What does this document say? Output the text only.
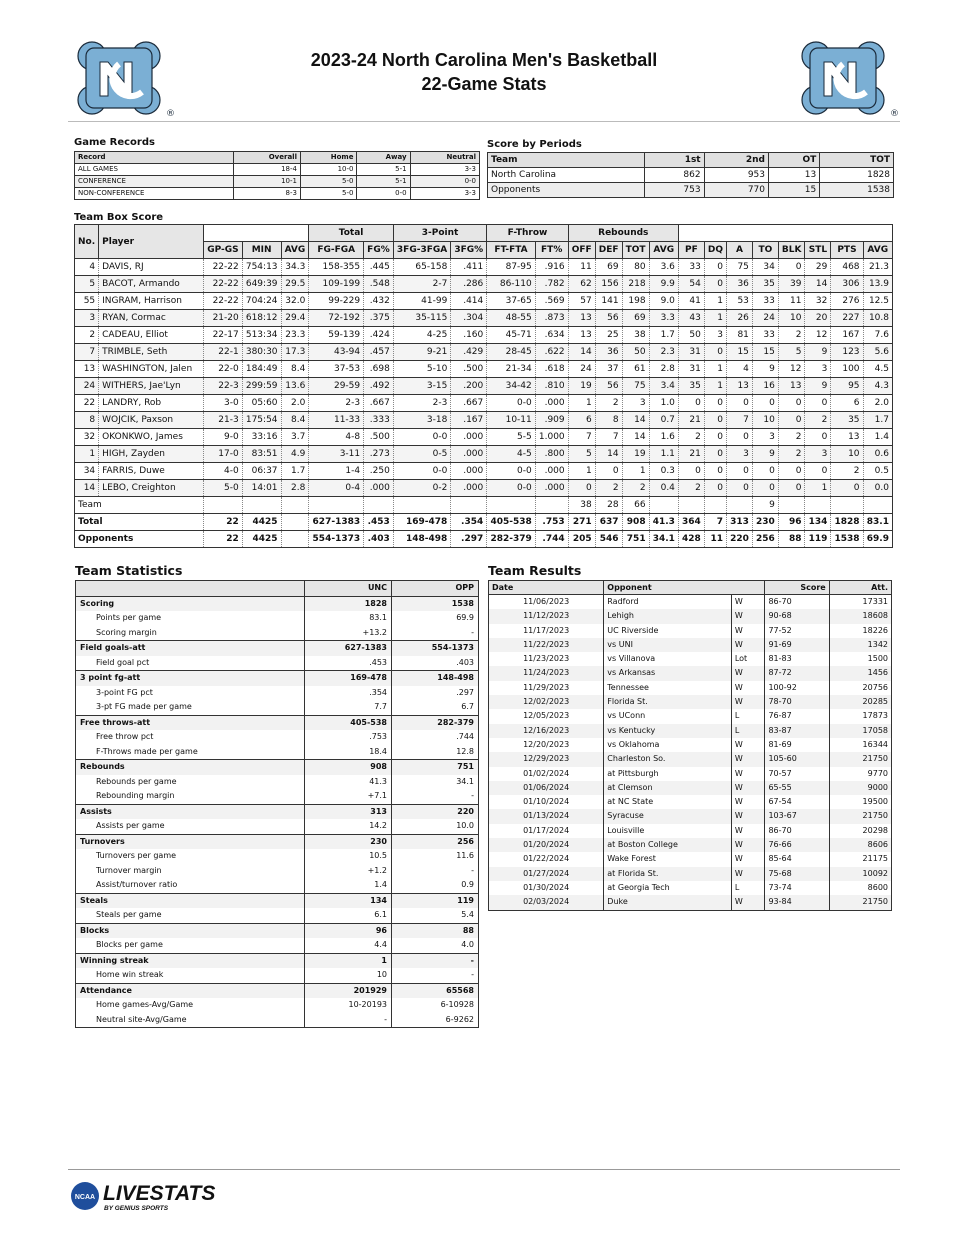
®
2023-24 North Carolina Men's Basketball
22-Game Stats
®
Game Records
Record	Overall	Home	Away	Neutral
ALL GAMES	18-4	10-0	5-1	3-3
CONFERENCE	10-1	5-0	5-1	0-0
NON-CONFERENCE	8-3	5-0	0-0	3-3
Score by Periods
Team	1st	2nd	OT	TOT
North Carolina	862	953	13	1828
Opponents	753	770	15	1538
Team Box Score
No.	Player				Total		3-Point		F-Throw		Rebounds											
		GP-GS	MIN	AVG	FG-FGA	FG%	3FG-3FGA	3FG%	FT-FTA	FT%	OFF	DEF	TOT	AVG	PF	DQ	A	TO	BLK	STL	PTS	AVG
4	DAVIS, RJ	22-22	754:13	34.3	158-355	.445	65-158	.411	87-95	.916	11	69	80	3.6	33	0	75	34	0	29	468	21.3
5	BACOT, Armando	22-22	649:39	29.5	109-199	.548	2-7	.286	86-110	.782	62	156	218	9.9	54	0	36	35	39	14	306	13.9
55	INGRAM, Harrison	22-22	704:24	32.0	99-229	.432	41-99	.414	37-65	.569	57	141	198	9.0	41	1	53	33	11	32	276	12.5
3	RYAN, Cormac	21-20	618:12	29.4	72-192	.375	35-115	.304	48-55	.873	13	56	69	3.3	43	1	26	24	10	20	227	10.8
2	CADEAU, Elliot	22-17	513:34	23.3	59-139	.424	4-25	.160	45-71	.634	13	25	38	1.7	50	3	81	33	2	12	167	7.6
7	TRIMBLE, Seth	22-1	380:30	17.3	43-94	.457	9-21	.429	28-45	.622	14	36	50	2.3	31	0	15	15	5	9	123	5.6
13	WASHINGTON, Jalen	22-0	184:49	8.4	37-53	.698	5-10	.500	21-34	.618	24	37	61	2.8	31	1	4	9	12	3	100	4.5
24	WITHERS, Jae'Lyn	22-3	299:59	13.6	29-59	.492	3-15	.200	34-42	.810	19	56	75	3.4	35	1	13	16	13	9	95	4.3
22	LANDRY, Rob	3-0	05:60	2.0	2-3	.667	2-3	.667	0-0	.000	1	2	3	1.0	0	0	0	0	0	0	6	2.0
8	WOJCIK, Paxson	21-3	175:54	8.4	11-33	.333	3-18	.167	10-11	.909	6	8	14	0.7	21	0	7	10	0	2	35	1.7
32	OKONKWO, James	9-0	33:16	3.7	4-8	.500	0-0	.000	5-5	1.000	7	7	14	1.6	2	0	0	3	2	0	13	1.4
1	HIGH, Zayden	17-0	83:51	4.9	3-11	.273	0-5	.000	4-5	.800	5	14	19	1.1	21	0	3	9	2	3	10	0.6
34	FARRIS, Duwe	4-0	06:37	1.7	1-4	.250	0-0	.000	0-0	.000	1	0	1	0.3	0	0	0	0	0	0	2	0.5
14	LEBO, Creighton	5-0	14:01	2.8	0-4	.000	0-2	.000	0-0	.000	0	2	2	0.4	2	0	0	0	0	1	0	0.0
Team											38	28	66					9				
Total		22	4425		627-1383	.453	169-478	.354	405-538	.753	271	637	908	41.3	364	7	313	230	96	134	1828	83.1
Opponents		22	4425		554-1373	.403	148-498	.297	282-379	.744	205	546	751	34.1	428	11	220	256	88	119	1538	69.9
Team Statistics
	UNC	OPP
Scoring	1828	1538
Points per game	83.1	69.9
Scoring margin	+13.2	-
Field goals-att	627-1383	554-1373
Field goal pct	.453	.403
3 point fg-att	169-478	148-498
3-point FG pct	.354	.297
3-pt FG made per game	7.7	6.7
Free throws-att	405-538	282-379
Free throw pct	.753	.744
F-Throws made per game	18.4	12.8
Rebounds	908	751
Rebounds per game	41.3	34.1
Rebounding margin	+7.1	-
Assists	313	220
Assists per game	14.2	10.0
Turnovers	230	256
Turnovers per game	10.5	11.6
Turnover margin	+1.2	-
Assist/turnover ratio	1.4	0.9
Steals	134	119
Steals per game	6.1	5.4
Blocks	96	88
Blocks per game	4.4	4.0
Winning streak	1	-
Home win streak	10	-
Attendance	201929	65568
Home games-Avg/Game	10-20193	6-10928
Neutral site-Avg/Game	-	6-9262
Team Results
Date	Opponent		Score	Att.
11/06/2023	Radford	W	86-70	17331
11/12/2023	Lehigh	W	90-68	18608
11/17/2023	UC Riverside	W	77-52	18226
11/22/2023	vs UNI	W	91-69	1342
11/23/2023	vs Villanova	Lot	81-83	1500
11/24/2023	vs Arkansas	W	87-72	1456
11/29/2023	Tennessee	W	100-92	20756
12/02/2023	Florida St.	W	78-70	20285
12/05/2023	vs UConn	L	76-87	17873
12/16/2023	vs Kentucky	L	83-87	17058
12/20/2023	vs Oklahoma	W	81-69	16344
12/29/2023	Charleston So.	W	105-60	21750
01/02/2024	at Pittsburgh	W	70-57	9770
01/06/2024	at Clemson	W	65-55	9000
01/10/2024	at NC State	W	67-54	19500
01/13/2024	Syracuse	W	103-67	21750
01/17/2024	Louisville	W	86-70	20298
01/20/2024	at Boston College	W	76-66	8606
01/22/2024	Wake Forest	W	85-64	21175
01/27/2024	at Florida St.	W	75-68	10092
01/30/2024	at Georgia Tech	L	73-74	8600
02/03/2024	Duke	W	93-84	21750
NCAA LIVESTATS
BY GENIUS SPORTS
